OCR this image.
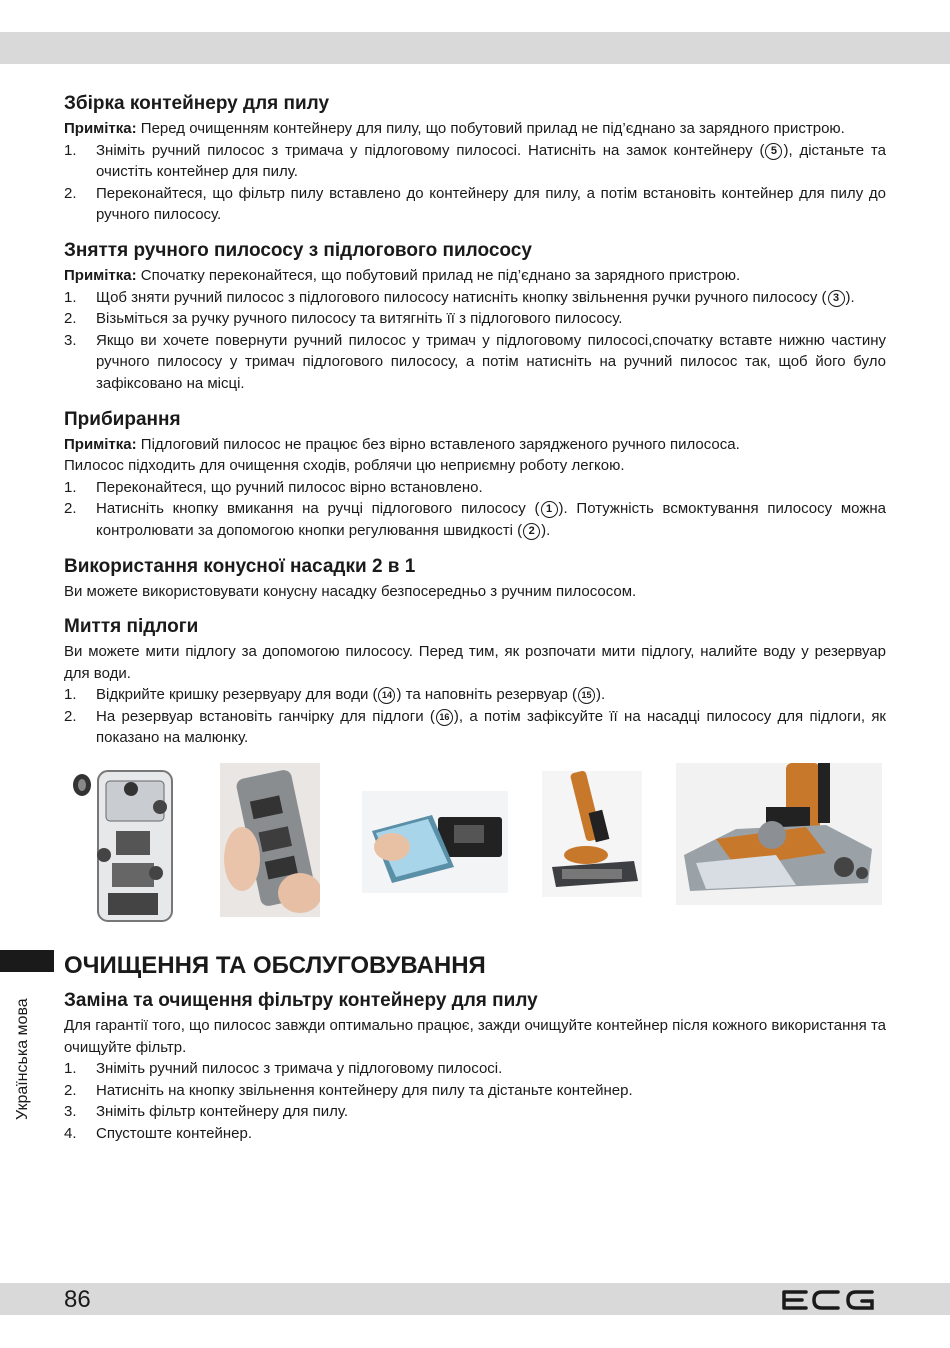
Збірка контейнеру для пилу

Примітка: Перед очищенням контейнеру для пилу, що побутовий прилад не під’єднано за зарядного пристрою.

1. Зніміть ручний пилосос з тримача у підлоговому пилососі. Натисніть на замок контейнеру ( 5 ), дістаньте та очистіть контейнер для пилу.
2. Переконайтеся, що фільтр пилу вставлено до контейнеру для пилу, а потім встановіть контейнер для пилу до ручного пилососу.
Зняття ручного пилососу з підлогового пилососу

Примітка: Спочатку переконайтеся, що побутовий прилад не під’єднано за зарядного пристрою.

1. Щоб зняти ручний пилосос з підлогового пилососу натисніть кнопку звільнення ручки ручного пилососу ( 3 ).
2. Візьміться за ручку ручного пилососу та витягніть її з підлогового пилососу.
3. Якщо ви хочете повернути ручний пилосос у тримач у підлоговому пилососі,спочатку вставте нижню частину ручного пилососу у тримач підлогового пилососу, а потім натисніть на ручний пилосос так, щоб його було зафіксовано на місці.
Прибирання

Примітка: Підлоговий пилосос не працює без вірно вставленого зарядженого ручного пилососа.

Пилосос підходить для очищення сходів, роблячи цю неприємну роботу легкою.

1. Переконайтеся, що ручний пилосос вірно встановлено.
2. Натисніть кнопку вмикання на ручці підлогового пилососу ( 1 ). Потужність всмоктування пилососу можна контролювати за допомогою кнопки регулювання швидкості ( 2 ).
Використання конусної насадки 2 в 1

Ви можете використовувати конусну насадку безпосередньо з ручним пилососом.

Миття підлоги

Ви можете мити підлогу за допомогою пилососу. Перед тим, як розпочати мити підлогу, налийте воду у резервуар для води.

1. Відкрийте кришку резервуару для води ( 14 ) та наповніть резервуар ( 15 ).
2. На резервуар встановіть ганчірку для підлоги ( 16 ), а потім зафіксуйте її на насадці пилососу для підлоги, як показано на малюнку.
ОЧИЩЕННЯ ТА ОБСЛУГОВУВАННЯ
Заміна та очищення фільтру контейнеру для пилу

Для гарантії того, що пилосос завжди оптимально працює, зажди очищуйте контейнер після кожного використання та очищуйте фільтр.

1. Зніміть ручний пилосос з тримача у підлоговому пилососі.
2. Натисніть на кнопку звільнення контейнеру для пилу та дістаньте контейнер.
3. Зніміть фільтр контейнеру для пилу.
4. Спустоште контейнер.
Українська мова
86
